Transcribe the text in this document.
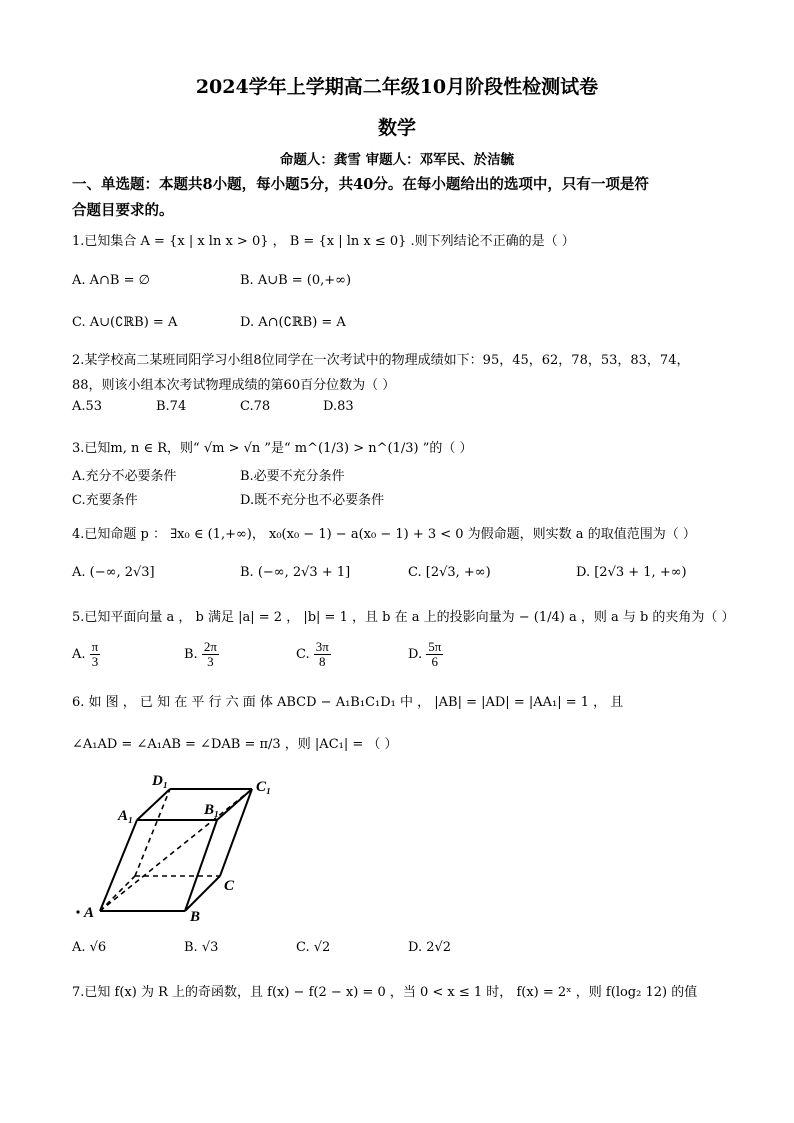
2024学年上学期高二年级10月阶段性检测试卷
数学
命题人：龚雪 审题人：邓军民、於洁毓
一、单选题：本题共8小题，每小题5分，共40分。在每小题给出的选项中，只有一项是符
合题目要求的。
1.已知集合 A = {x | x ln x > 0} ， B = {x | ln x ≤ 0} .则下列结论不正确的是（ ）
A. A∩B = ∅	B. A∪B = (0,+∞)
C. A∪(∁ℝB) = A	D. A∩(∁ℝB) = A
2.某学校高二某班同阳学习小组8位同学在一次考试中的物理成绩如下：95，45，62，78，53，83，74，
88，则该小组本次考试物理成绩的第60百分位数为（ ）
A.53	B.74	C.78	D.83
3.已知m, n ∈ R，则“ √m > √n ”是“ m^(1/3) > n^(1/3) ”的（ ）
A.充分不必要条件	B.必要不充分条件
C.充要条件	D.既不充分也不必要条件
4.已知命题 p ： ∃x₀ ∈ (1,+∞)， x₀(x₀ − 1) − a(x₀ − 1) + 3 < 0 为假命题，则实数 a 的取值范围为（ ）
A. (−∞, 2√3]	B. (−∞, 2√3 + 1]	C. [2√3, +∞)	D. [2√3 + 1, +∞)
5.已知平面向量 a ， b 满足 |a| = 2 ， |b| = 1 ，且 b 在 a 上的投影向量为 − (1/4) a ，则 a 与 b 的夹角为（ ）
A. $\frac{\pi}{3}$	B. $\frac{2\pi}{3}$	C. $\frac{3\pi}{8}$	D. $\frac{5\pi}{6}$
6. 如 图 ， 已 知 在 平 行 六 面 体 ABCD − A₁B₁C₁D₁ 中 ， |AB| = |AD| = |AA₁| = 1 ， 且
∠A₁AD = ∠A₁AB = ∠DAB = π/3 ，则 |AC₁| = （ ）
A	B
C
D₁
A₁	B₁
C₁
A. √6	B. √3	C. √2	D. 2√2
7.已知 f(x) 为 R 上的奇函数，且 f(x) − f(2 − x) = 0 ，当 0 < x ≤ 1 时， f(x) = 2ˣ ，则 f(log₂ 12) 的值
